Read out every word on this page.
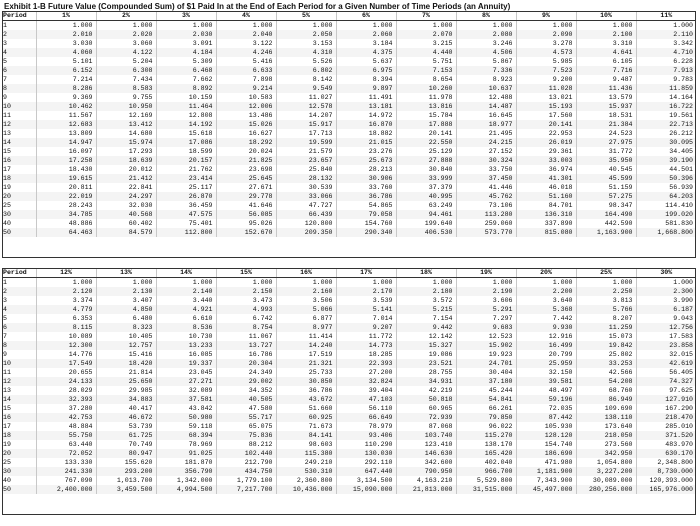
Exhibit 1-B Future Value (Compounded Sum) of $1 Paid In at the End of Each Period for a Given Number of Time Periods (an Annuity)
Period	1%	2%	3%	4%	5%	6%	7%	8%	9%	10%	11%
1	1.000	1.000	1.000	1.000	1.000	1.000	1.000	1.000	1.000	1.000	1.000
2	2.010	2.020	2.030	2.040	2.050	2.060	2.070	2.080	2.090	2.100	2.110
3	3.030	3.060	3.091	3.122	3.153	3.184	3.215	3.246	3.278	3.310	3.342
4	4.060	4.122	4.184	4.246	4.310	4.375	4.440	4.506	4.573	4.641	4.710
5	5.101	5.204	5.309	5.416	5.526	5.637	5.751	5.867	5.985	6.105	6.228
6	6.152	6.308	6.468	6.633	6.802	6.975	7.153	7.336	7.523	7.716	7.913
7	7.214	7.434	7.662	7.898	8.142	8.394	8.654	8.923	9.200	9.487	9.783
8	8.286	8.583	8.892	9.214	9.549	9.897	10.260	10.637	11.028	11.436	11.859
9	9.369	9.755	10.159	10.583	11.027	11.491	11.978	12.488	13.021	13.579	14.164
10	10.462	10.950	11.464	12.006	12.578	13.181	13.816	14.487	15.193	15.937	16.722
11	11.567	12.169	12.808	13.486	14.207	14.972	15.784	16.645	17.560	18.531	19.561
12	12.683	13.412	14.192	15.026	15.917	16.870	17.888	18.977	20.141	21.384	22.713
13	13.809	14.680	15.618	16.627	17.713	18.882	20.141	21.495	22.953	24.523	26.212
14	14.947	15.974	17.086	18.292	19.599	21.015	22.550	24.215	26.019	27.975	30.095
15	16.097	17.293	18.599	20.024	21.579	23.276	25.129	27.152	29.361	31.772	34.405
16	17.258	18.639	20.157	21.825	23.657	25.673	27.888	30.324	33.003	35.950	39.190
17	18.430	20.012	21.762	23.698	25.840	28.213	30.840	33.750	36.974	40.545	44.501
18	19.615	21.412	23.414	25.645	28.132	30.906	33.999	37.450	41.301	45.599	50.396
19	20.811	22.841	25.117	27.671	30.539	33.760	37.379	41.446	46.018	51.159	56.939
20	22.019	24.297	26.870	29.778	33.066	36.786	40.995	45.762	51.160	57.275	64.203
25	28.243	32.030	36.459	41.646	47.727	54.865	63.249	73.106	84.701	98.347	114.410
30	34.785	40.568	47.575	56.085	66.439	79.058	94.461	113.280	136.310	164.490	199.020
40	48.886	60.402	75.401	95.026	120.800	154.760	199.640	259.060	337.890	442.590	581.830
50	64.463	84.579	112.800	152.670	209.350	290.340	406.530	573.770	815.080	1,163.900	1,668.800
Period	12%	13%	14%	15%	16%	17%	18%	19%	20%	25%	30%
1	1.000	1.000	1.000	1.000	1.000	1.000	1.000	1.000	1.000	1.000	1.000
2	2.120	2.130	2.140	2.150	2.160	2.170	2.180	2.190	2.200	2.250	2.300
3	3.374	3.407	3.440	3.473	3.506	3.539	3.572	3.606	3.640	3.813	3.990
4	4.779	4.850	4.921	4.993	5.066	5.141	5.215	5.291	5.368	5.766	6.187
5	6.353	6.480	6.610	6.742	6.877	7.014	7.154	7.297	7.442	8.207	9.043
6	8.115	8.323	8.536	8.754	8.977	9.207	9.442	9.683	9.930	11.259	12.756
7	10.089	10.405	10.730	11.067	11.414	11.772	12.142	12.523	12.916	15.073	17.583
8	12.300	12.757	13.233	13.727	14.240	14.773	15.327	15.902	16.499	19.842	23.858
9	14.776	15.416	16.085	16.786	17.519	18.285	19.086	19.923	20.799	25.802	32.015
10	17.549	18.420	19.337	20.304	21.321	22.393	23.521	24.701	25.959	33.253	42.619
11	20.655	21.814	23.045	24.349	25.733	27.200	28.755	30.404	32.150	42.566	56.405
12	24.133	25.650	27.271	29.002	30.850	32.824	34.931	37.180	39.581	54.208	74.327
13	28.029	29.985	32.089	34.352	36.786	39.404	42.219	45.244	48.497	68.760	97.625
14	32.393	34.883	37.581	40.505	43.672	47.103	50.818	54.841	59.196	86.949	127.910
15	37.280	40.417	43.842	47.580	51.660	56.110	60.965	66.261	72.035	109.690	167.290
16	42.753	46.672	50.980	55.717	60.925	66.649	72.939	79.850	87.442	138.110	218.470
17	48.884	53.739	59.118	65.075	71.673	78.979	87.068	96.022	105.930	173.640	285.010
18	55.750	61.725	68.394	75.836	84.141	93.406	103.740	115.270	128.120	218.050	371.520
19	63.440	70.749	78.969	88.212	98.603	110.290	123.410	138.170	154.740	273.560	483.970
20	72.052	80.947	91.025	102.440	115.380	130.030	146.630	165.420	186.690	342.950	630.170
25	133.330	155.620	181.870	212.790	249.210	292.110	342.600	402.040	471.980	1,054.800	2,348.800
30	241.330	293.200	356.790	434.750	530.310	647.440	790.950	966.700	1,181.900	3,227.200	8,730.000
40	767.090	1,013.700	1,342.000	1,779.100	2,360.800	3,134.500	4,163.210	5,529.800	7,343.900	30,089.000	120,393.000
50	2,400.000	3,459.500	4,994.500	7,217.700	10,436.000	15,090.000	21,813.000	31,515.000	45,497.000	280,256.000	165,976.000
